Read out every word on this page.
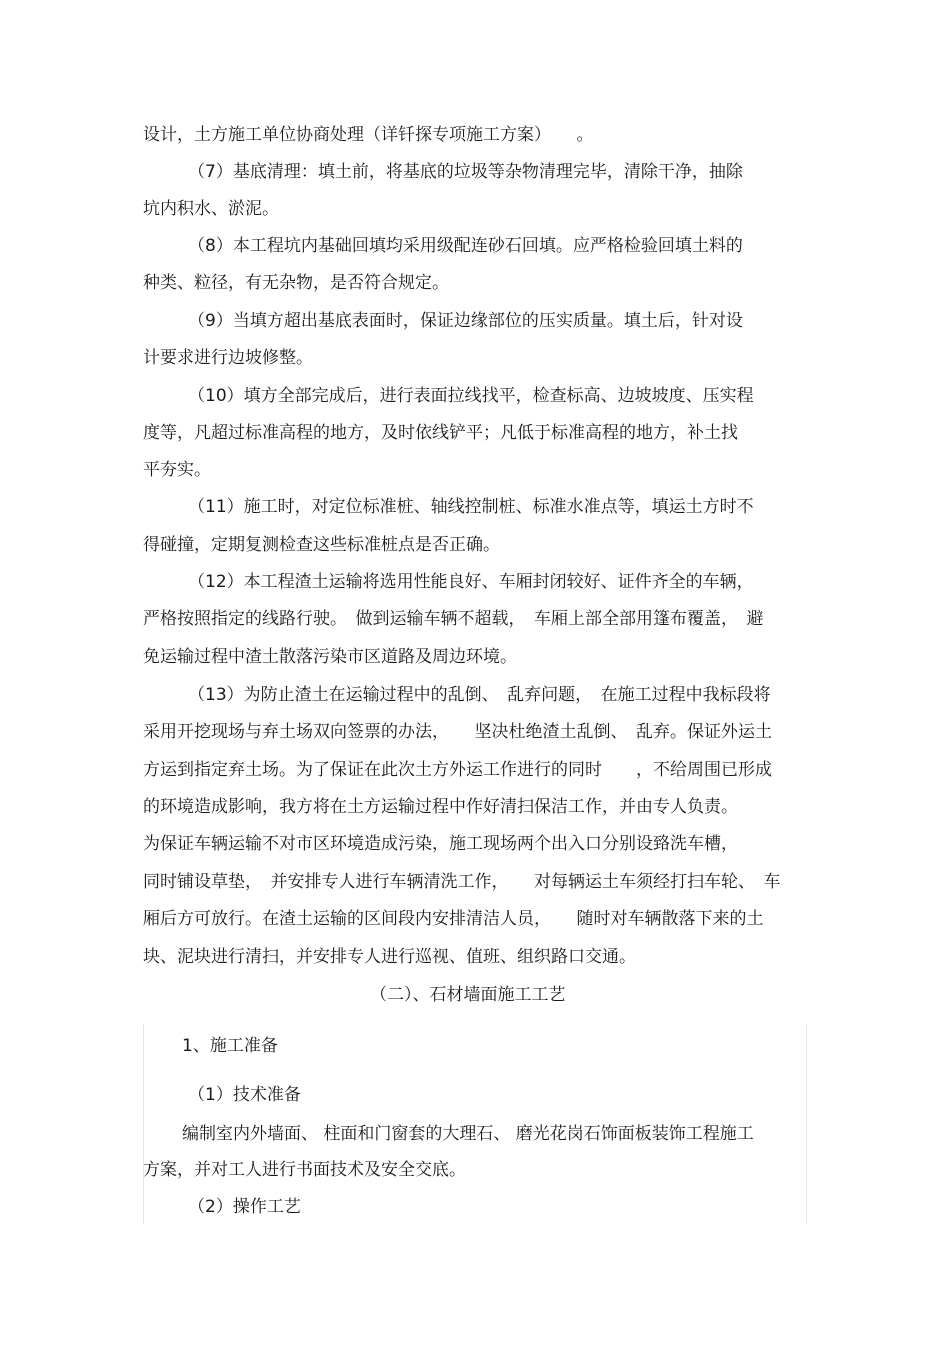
设计，土方施工单位协商处理（详钎探专项施工方案）　　。
（7）基底清理：填土前，将基底的垃圾等杂物清理完毕，清除干净，抽除
坑内积水、淤泥。
（8）本工程坑内基础回填均采用级配连砂石回填。应严格检验回填土料的
种类、粒径，有无杂物，是否符合规定。
（9）当填方超出基底表面时，保证边缘部位的压实质量。填土后，针对设
计要求进行边坡修整。
（10）填方全部完成后，进行表面拉线找平，检查标高、边坡坡度、压实程
度等，凡超过标准高程的地方，及时依线铲平；凡低于标准高程的地方，补土找
平夯实。
（11）施工时，对定位标准桩、轴线控制桩、标准水准点等，填运土方时不
得碰撞，定期复测检查这些标准桩点是否正确。
（12）本工程渣土运输将选用性能良好、车厢封闭较好、证件齐全的车辆，
严格按照指定的线路行驶。　做到运输车辆不超载，　车厢上部全部用篷布覆盖，　避
免运输过程中渣土散落污染市区道路及周边环境。
（13）为防止渣土在运输过程中的乱倒、　乱弃问题，　在施工过程中我标段将
采用开挖现场与弃土场双向签票的办法，　　坚决杜绝渣土乱倒、　乱弃。保证外运土
方运到指定弃土场。为了保证在此次土方外运工作进行的同时　　，不给周围已形成
的环境造成影响，我方将在土方运输过程中作好清扫保洁工作，并由专人负责。
为保证车辆运输不对市区环境造成污染，施工现场两个出入口分别设臵洗车槽，
同时铺设草垫，　并安排专人进行车辆清洗工作，　　对每辆运土车须经打扫车轮、　车
厢后方可放行。在渣土运输的区间段内安排清洁人员，　　随时对车辆散落下来的土
块、泥块进行清扫，并安排专人进行巡视、值班、组织路口交通。
（二）、石材墙面施工工艺
1、施工准备
（1）技术准备
编制室内外墙面、 柱面和门窗套的大理石、 磨光花岗石饰面板装饰工程施工
方案，并对工人进行书面技术及安全交底。
（2）操作工艺
